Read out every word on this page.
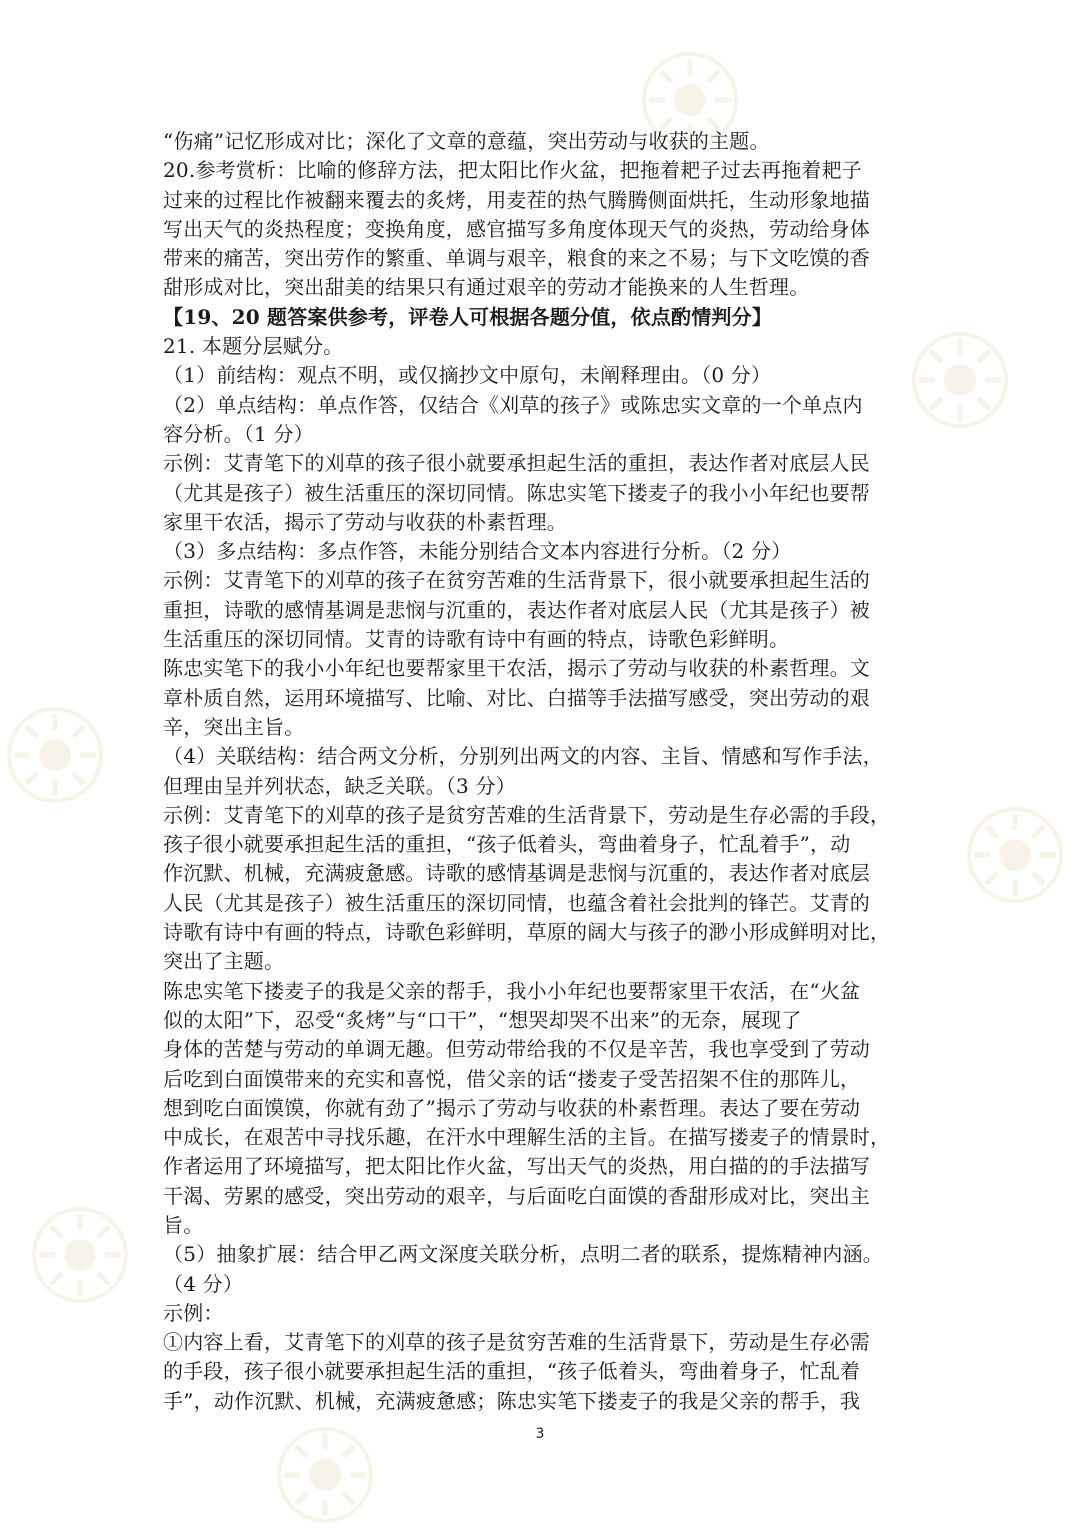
“伤痛”记忆形成对比；深化了文章的意蕴，突出劳动与收获的主题。
20.参考赏析：比喻的修辞方法，把太阳比作火盆，把拖着耙子过去再拖着耙子
过来的过程比作被翻来覆去的炙烤，用麦茬的热气腾腾侧面烘托，生动形象地描
写出天气的炎热程度；变换角度，感官描写多角度体现天气的炎热，劳动给身体
带来的痛苦，突出劳作的繁重、单调与艰辛，粮食的来之不易；与下文吃馍的香
甜形成对比，突出甜美的结果只有通过艰辛的劳动才能换来的人生哲理。
【19、20 题答案供参考，评卷人可根据各题分值，依点酌情判分】
21. 本题分层赋分。
（1）前结构：观点不明，或仅摘抄文中原句，未阐释理由。（0 分）
（2）单点结构：单点作答，仅结合《刈草的孩子》或陈忠实文章的一个单点内
容分析。（1 分）
示例：艾青笔下的刈草的孩子很小就要承担起生活的重担，表达作者对底层人民
（尤其是孩子）被生活重压的深切同情。陈忠实笔下搂麦子的我小小年纪也要帮
家里干农活，揭示了劳动与收获的朴素哲理。
（3）多点结构：多点作答，未能分别结合文本内容进行分析。（2 分）
示例：艾青笔下的刈草的孩子在贫穷苦难的生活背景下，很小就要承担起生活的
重担，诗歌的感情基调是悲悯与沉重的，表达作者对底层人民（尤其是孩子）被
生活重压的深切同情。艾青的诗歌有诗中有画的特点，诗歌色彩鲜明。
陈忠实笔下的我小小年纪也要帮家里干农活，揭示了劳动与收获的朴素哲理。文
章朴质自然，运用环境描写、比喻、对比、白描等手法描写感受，突出劳动的艰
辛，突出主旨。
（4）关联结构：结合两文分析，分别列出两文的内容、主旨、情感和写作手法，
但理由呈并列状态，缺乏关联。（3 分）
示例：艾青笔下的刈草的孩子是贫穷苦难的生活背景下，劳动是生存必需的手段，
孩子很小就要承担起生活的重担，“孩子低着头，弯曲着身子，忙乱着手”，动
作沉默、机械，充满疲惫感。诗歌的感情基调是悲悯与沉重的，表达作者对底层
人民（尤其是孩子）被生活重压的深切同情，也蕴含着社会批判的锋芒。艾青的
诗歌有诗中有画的特点，诗歌色彩鲜明，草原的阔大与孩子的渺小形成鲜明对比，
突出了主题。
陈忠实笔下搂麦子的我是父亲的帮手，我小小年纪也要帮家里干农活，在“火盆
似的太阳”下，忍受“炙烤”与“口干”，“想哭却哭不出来”的无奈，展现了
身体的苦楚与劳动的单调无趣。但劳动带给我的不仅是辛苦，我也享受到了劳动
后吃到白面馍带来的充实和喜悦，借父亲的话“搂麦子受苦招架不住的那阵儿，
想到吃白面馍馍，你就有劲了”揭示了劳动与收获的朴素哲理。表达了要在劳动
中成长，在艰苦中寻找乐趣，在汗水中理解生活的主旨。在描写搂麦子的情景时，
作者运用了环境描写，把太阳比作火盆，写出天气的炎热，用白描的的手法描写
干渴、劳累的感受，突出劳动的艰辛，与后面吃白面馍的香甜形成对比，突出主
旨。
（5）抽象扩展：结合甲乙两文深度关联分析，点明二者的联系，提炼精神内涵。
（4 分）
示例：
①内容上看，艾青笔下的刈草的孩子是贫穷苦难的生活背景下，劳动是生存必需
的手段，孩子很小就要承担起生活的重担，“孩子低着头，弯曲着身子，忙乱着
手”，动作沉默、机械，充满疲惫感；陈忠实笔下搂麦子的我是父亲的帮手，我
3
